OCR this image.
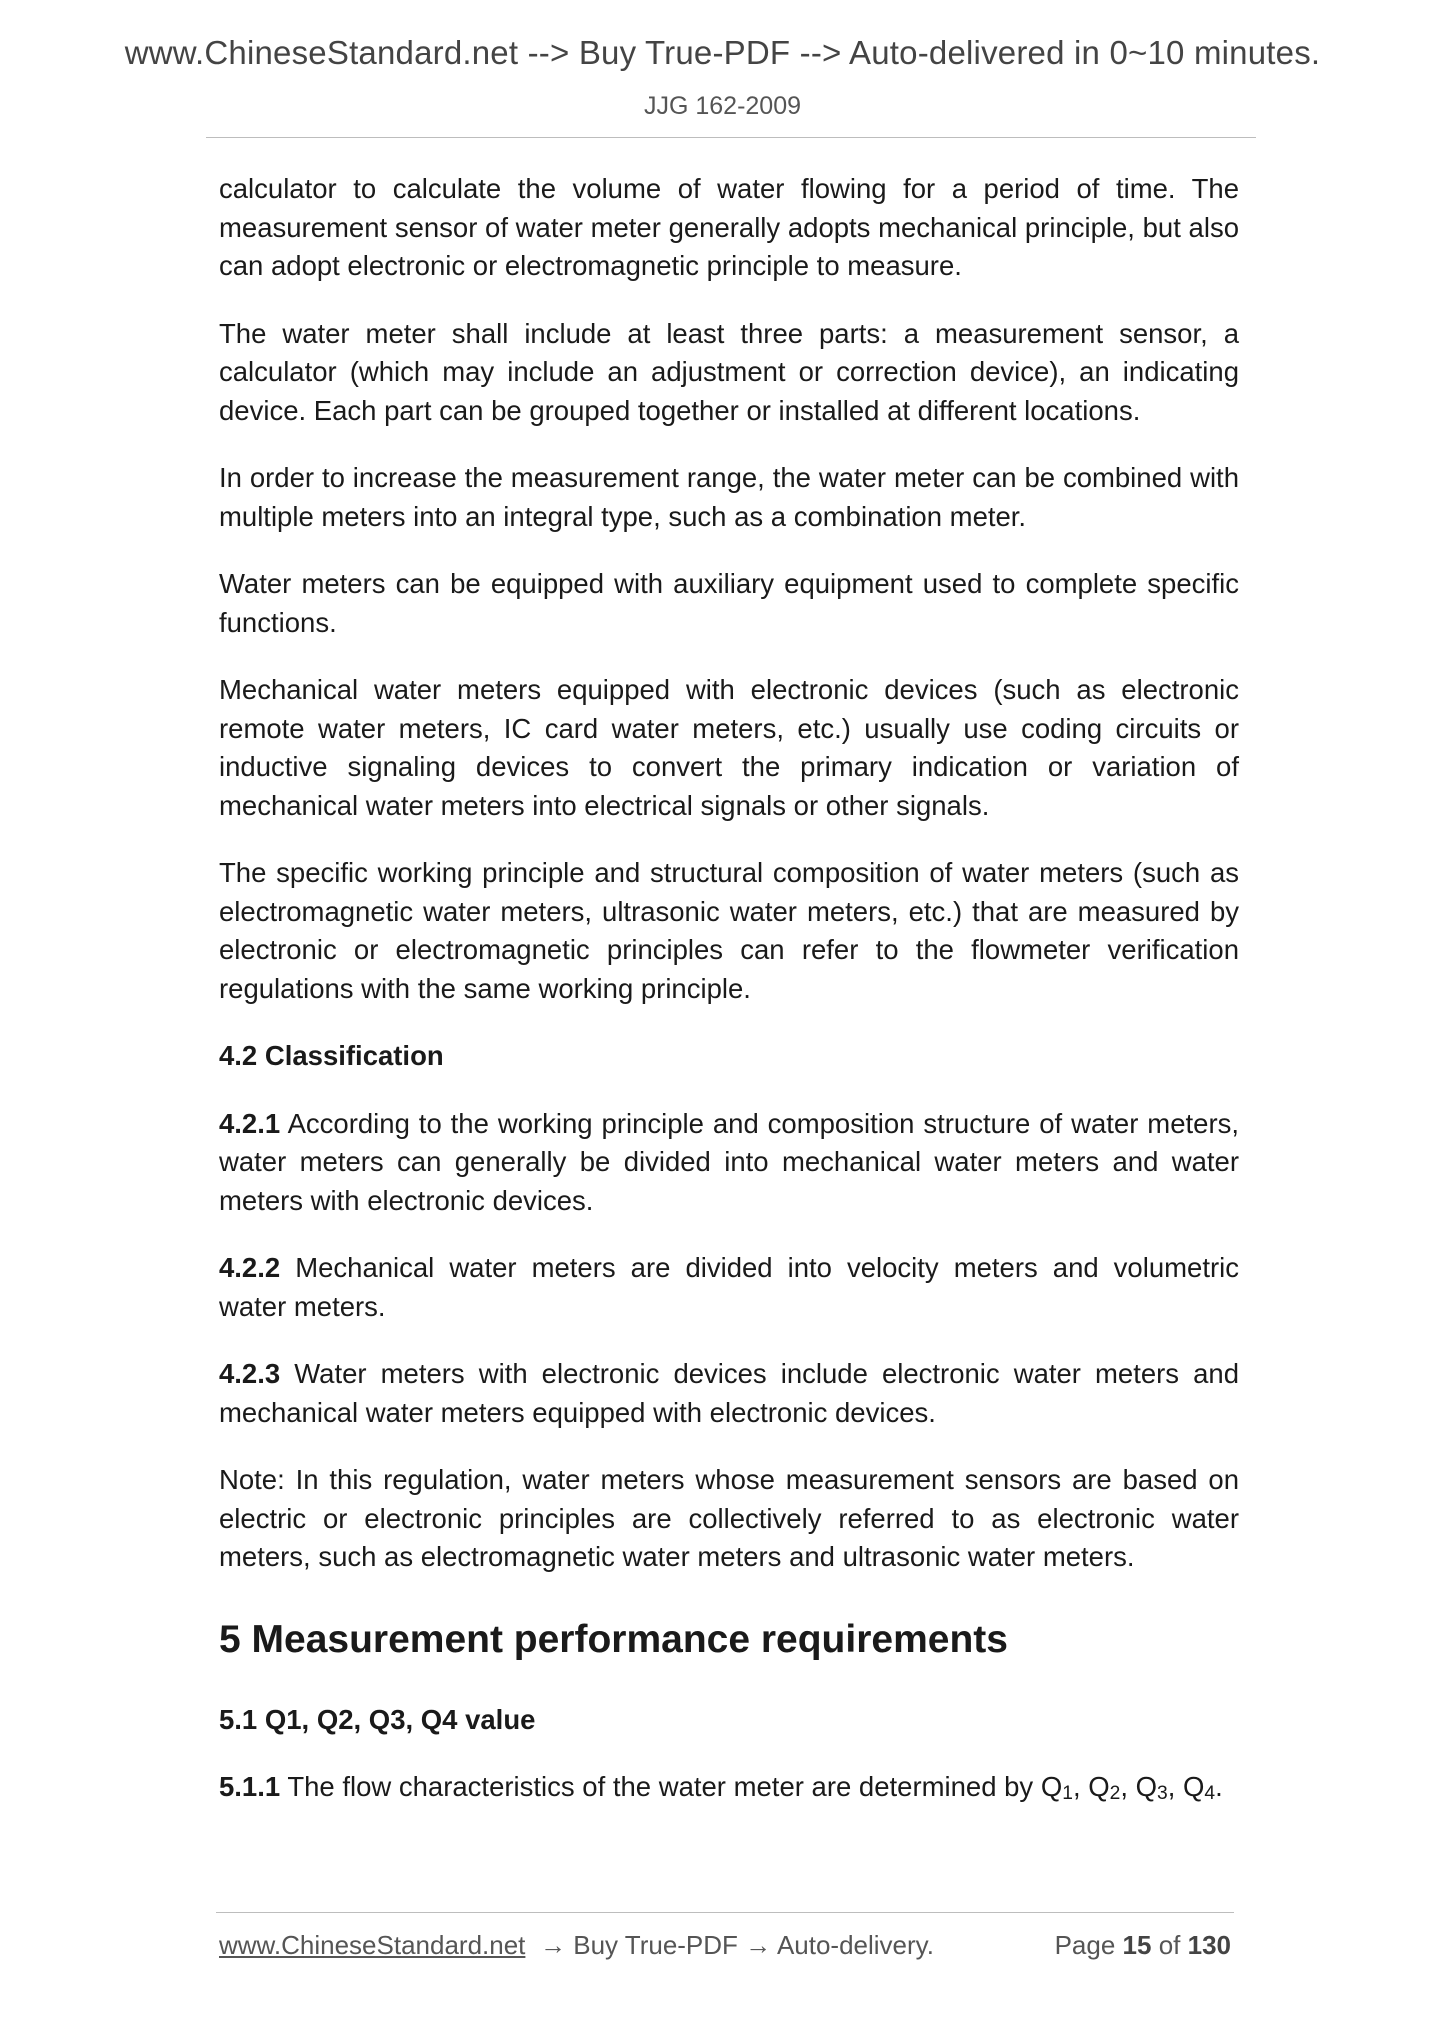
www.ChineseStandard.net --> Buy True-PDF --> Auto-delivered in 0~10 minutes.
JJG 162-2009

calculator to calculate the volume of water flowing for a period of time. The measurement sensor of water meter generally adopts mechanical principle, but also can adopt electronic or electromagnetic principle to measure.

The water meter shall include at least three parts: a measurement sensor, a calculator (which may include an adjustment or correction device), an indicating device. Each part can be grouped together or installed at different locations.

In order to increase the measurement range, the water meter can be combined with multiple meters into an integral type, such as a combination meter.

Water meters can be equipped with auxiliary equipment used to complete specific functions.

Mechanical water meters equipped with electronic devices (such as electronic remote water meters, IC card water meters, etc.) usually use coding circuits or inductive signaling devices to convert the primary indication or variation of mechanical water meters into electrical signals or other signals.

The specific working principle and structural composition of water meters (such as electromagnetic water meters, ultrasonic water meters, etc.) that are measured by electronic or electromagnetic principles can refer to the flowmeter verification regulations with the same working principle.

4.2 Classification

4.2.1 According to the working principle and composition structure of water meters, water meters can generally be divided into mechanical water meters and water meters with electronic devices.

4.2.2 Mechanical water meters are divided into velocity meters and volumetric water meters.

4.2.3 Water meters with electronic devices include electronic water meters and mechanical water meters equipped with electronic devices.

Note: In this regulation, water meters whose measurement sensors are based on electric or electronic principles are collectively referred to as electronic water meters, such as electromagnetic water meters and ultrasonic water meters.

5 Measurement performance requirements
5.1 Q1, Q2, Q3, Q4 value

5.1.1 The flow characteristics of the water meter are determined by $Q_1$, $Q_2$, $Q_3$, $Q_4$.

www.ChineseStandard.net → Buy True-PDF → Auto-delivery.	Page 15 of 130
